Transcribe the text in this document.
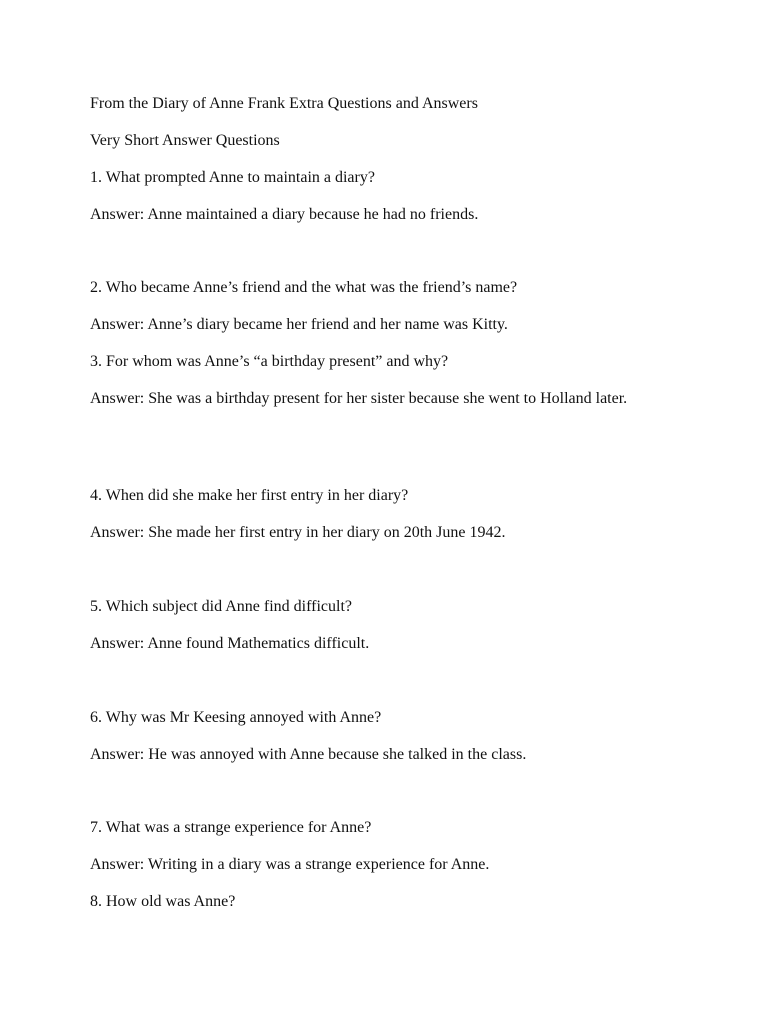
From the Diary of Anne Frank Extra Questions and Answers

Very Short Answer Questions

1. What prompted Anne to maintain a diary?

Answer: Anne maintained a diary because he had no friends.

2. Who became Anne’s friend and the what was the friend’s name?

Answer: Anne’s diary became her friend and her name was Kitty.

3. For whom was Anne’s “a birthday present” and why?

Answer: She was a birthday present for her sister because she went to Holland later.

4. When did she make her first entry in her diary?

Answer: She made her first entry in her diary on 20th June 1942.

5. Which subject did Anne find difficult?

Answer: Anne found Mathematics difficult.

6. Why was Mr Keesing annoyed with Anne?

Answer: He was annoyed with Anne because she talked in the class.

7. What was a strange experience for Anne?

Answer: Writing in a diary was a strange experience for Anne.

8. How old was Anne?
